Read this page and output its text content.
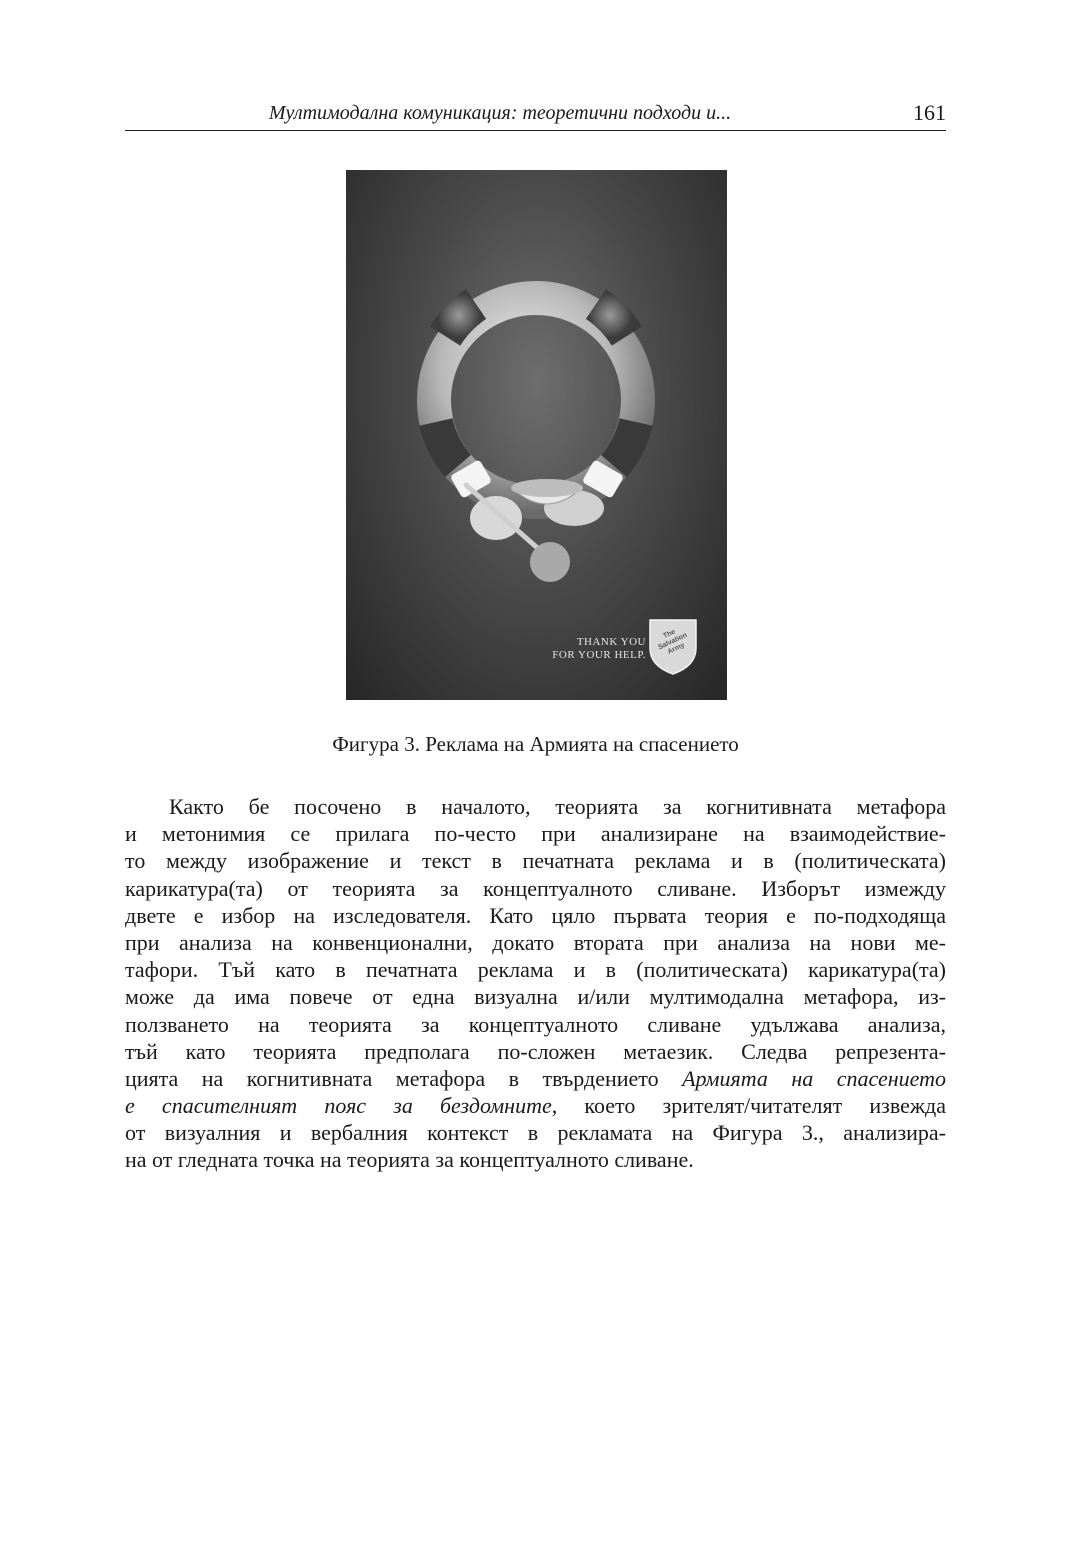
Мултимодална комуникация: теоретични подходи и...	161
THANK YOU
FOR YOUR HELP.
The Salvation Army
Фигура 3. Реклама на Армията на спасението
Както бе посочено в началото, теорията за когнитивната метафора
и метонимия се прилага по-често при анализиране на взаимодействие-
то между изображение и текст в печатната реклама и в (политическата)
карикатура(та) от теорията за концептуалното сливане. Изборът измежду
двете е избор на изследователя. Като цяло първата теория е по-подходяща
при анализа на конвенционални, докато втората при анализа на нови ме-
тафори. Тъй като в печатната реклама и в (политическата) карикатура(та)
може да има повече от една визуална и/или мултимодална метафора, из-
ползването на теорията за концептуалното сливане удължава анализа,
тъй като теорията предполага по-сложен метаезик. Следва репрезента-
цията на когнитивната метафора в твърдението Армията на спасението
е спасителният пояс за бездомните, което зрителят/читателят извежда
от визуалния и вербалния контекст в рекламата на Фигура 3., анализира-
на от гледната точка на теорията за концептуалното сливане.
